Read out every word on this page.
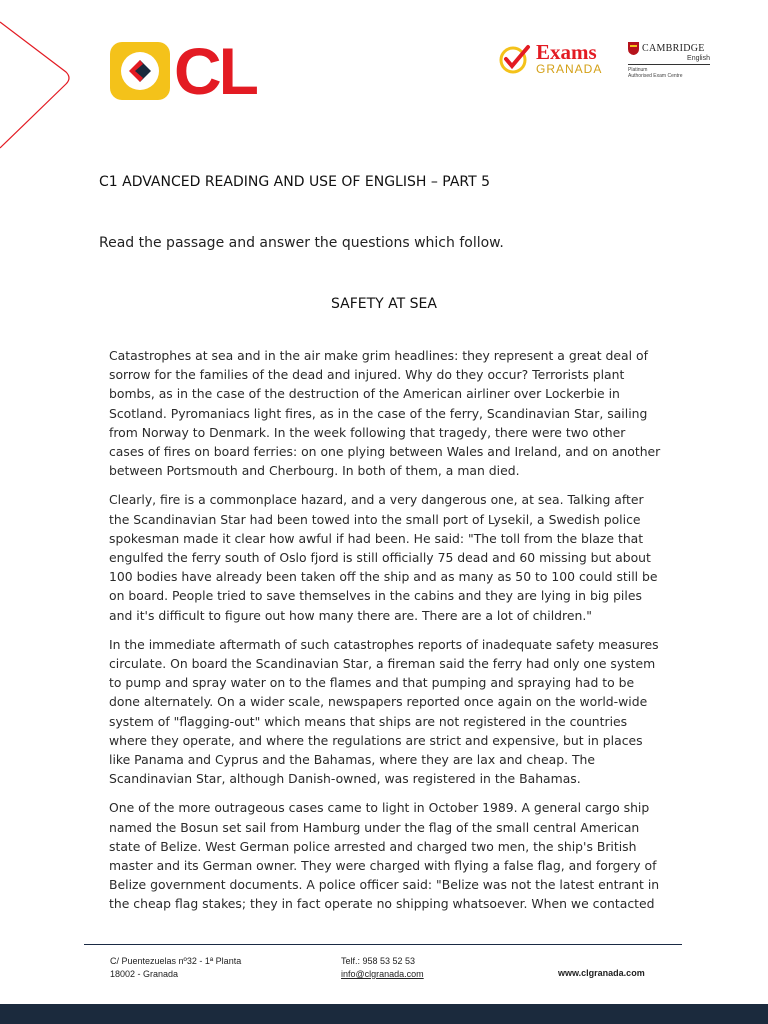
CL	Exams
GRANADA
CAMBRIDGE
English
Platinum
Authorised Exam Centre
C1 ADVANCED READING AND USE OF ENGLISH – PART 5
Read the passage and answer the questions which follow.
SAFETY AT SEA

Catastrophes at sea and in the air make grim headlines: they represent a great deal of sorrow for the families of the dead and injured. Why do they occur? Terrorists plant bombs, as in the case of the destruction of the American airliner over Lockerbie in Scotland. Pyromaniacs light fires, as in the case of the ferry, Scandinavian Star, sailing from Norway to Denmark. In the week following that tragedy, there were two other cases of fires on board ferries: on one plying between Wales and Ireland, and on another between Portsmouth and Cherbourg. In both of them, a man died.

Clearly, fire is a commonplace hazard, and a very dangerous one, at sea. Talking after the Scandinavian Star had been towed into the small port of Lysekil, a Swedish police spokesman made it clear how awful if had been. He said: "The toll from the blaze that engulfed the ferry south of Oslo fjord is still officially 75 dead and 60 missing but about 100 bodies have already been taken off the ship and as many as 50 to 100 could still be on board. People tried to save themselves in the cabins and they are lying in big piles and it's difficult to figure out how many there are. There are a lot of children."

In the immediate aftermath of such catastrophes reports of inadequate safety measures circulate. On board the Scandinavian Star, a fireman said the ferry had only one system to pump and spray water on to the flames and that pumping and spraying had to be done alternately. On a wider scale, newspapers reported once again on the world-wide system of "flagging-out" which means that ships are not registered in the countries where they operate, and where the regulations are strict and expensive, but in places like Panama and Cyprus and the Bahamas, where they are lax and cheap. The Scandinavian Star, although Danish-owned, was registered in the Bahamas.

One of the more outrageous cases came to light in October 1989. A general cargo ship named the Bosun set sail from Hamburg under the flag of the small central American state of Belize. West German police arrested and charged two men, the ship's British master and its German owner. They were charged with flying a false flag, and forgery of Belize government documents. A police officer said: "Belize was not the latest entrant in the cheap flag stakes; they in fact operate no shipping whatsoever. When we contacted

C/ Puentezuelas nº32 - 1ª Planta
18002 - Granada
Telf.: 958 53 52 53
info@clgranada.com	www.clgranada.com
